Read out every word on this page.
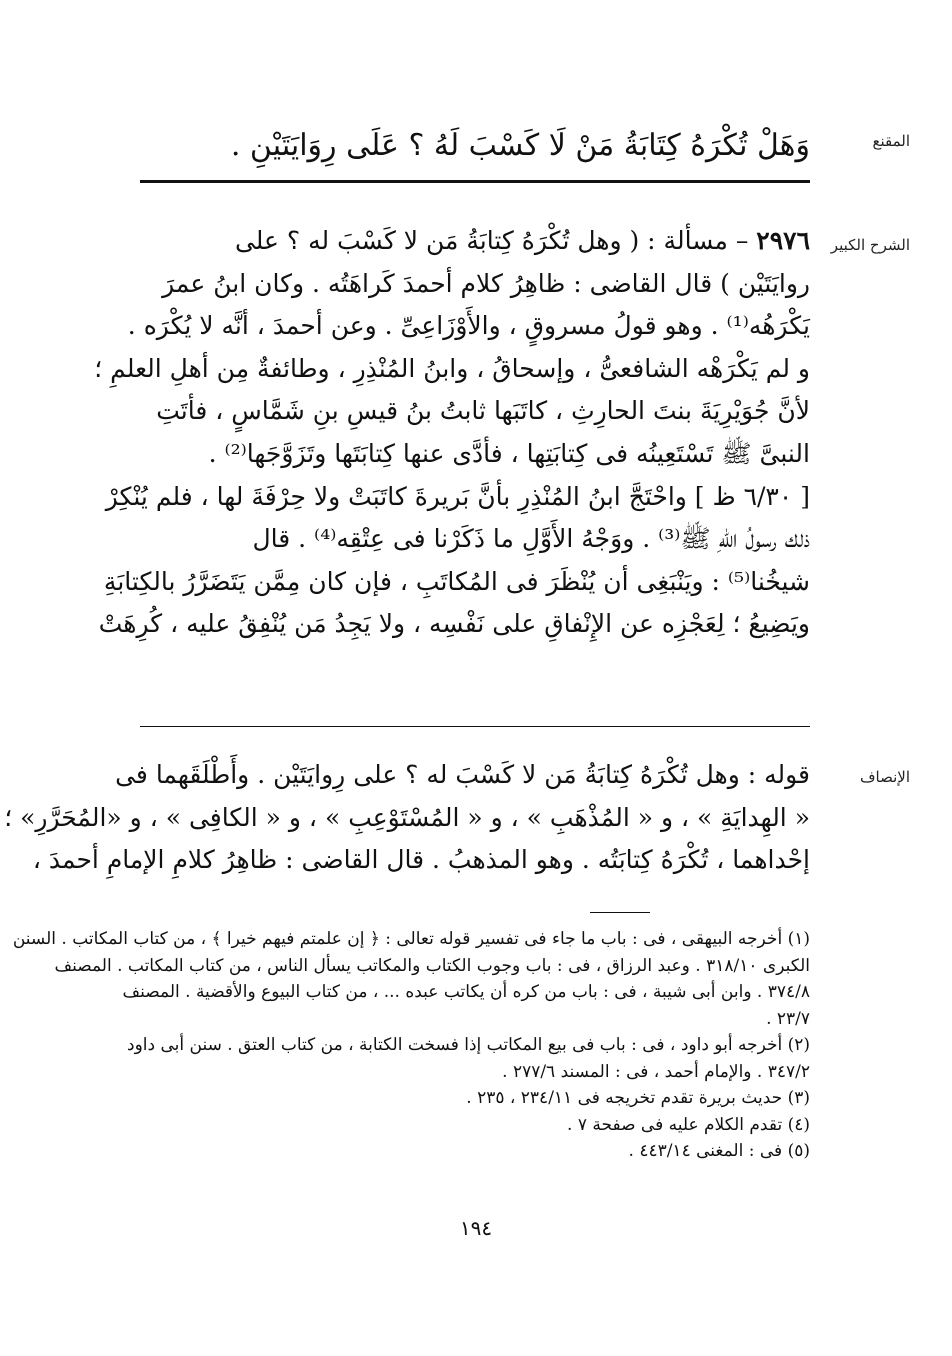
المقنع
وَهَلْ تُكْرَهُ كِتَابَةُ مَنْ لَا كَسْبَ لَهُ ؟ عَلَى رِوَايَتَيْنِ .
الشرح الكبير
٢٩٧٦ – مسألة : ( وهل تُكْرَهُ كِتابَةُ مَن لا كَسْبَ له ؟ على
روايَتَيْن ) قال القاضى : ظاهِرُ كلام أحمدَ كَراهَتُه . وكان ابنُ عمرَ
يَكْرَهُه⁽¹⁾ . وهو قولُ مسروقٍ ، والأَوْزَاعِىِّ . وعن أحمدَ ، أنَّه لا يُكْرَه .
و لم يَكْرَهْه الشافعىُّ ، وإسحاقُ ، وابنُ المُنْذِرِ ، وطائفةٌ مِن أهلِ العلمِ ؛
لأنَّ جُوَيْرِيَةَ بنتَ الحارِثِ ، كاتَبَها ثابتُ بنُ قيسِ بنِ شَمَّاسٍ ، فأتَتِ
النبىَّ ﷺ تَسْتَعِينُه فى كِتابَتِها ، فأدَّى عنها كِتابَتَها وتَزَوَّجَها⁽²⁾ .
[ ٦/٣٠ ظ ] واحْتَجَّ ابنُ المُنْذِرِ بأنَّ بَريرةَ كاتَبَتْ ولا حِرْفَةَ لها ، فلم يُنْكِرْ
ذلك رسولُ اللهِ ﷺ⁽³⁾ . ووَجْهُ الأَوَّلِ ما ذَكَرْنا فى عِتْقِه⁽⁴⁾ . قال
شيخُنا⁽⁵⁾ : ويَنْبَغِى أن يُنْظَرَ فى المُكاتَبِ ، فإن كان مِمَّن يَتَضَرَّرُ بالكِتابَةِ
ويَضِيعُ ؛ لِعَجْزِه عن الإِنْفاقِ على نَفْسِه ، ولا يَجِدُ مَن يُنْفِقُ عليه ، كُرِهَتْ
الإنصاف
قوله : وهل تُكْرَهُ كِتابَةُ مَن لا كَسْبَ له ؟ على رِوايَتَيْن . وأَطْلَقَهما فى
« الهِدايَةِ » ، و « المُذْهَبِ » ، و « المُسْتَوْعِبِ » ، و « الكافِى » ، و «المُحَرَّرِ» ؛
إحْداهما ، تُكْرَهُ كِتابَتُه . وهو المذهبُ . قال القاضى : ظاهِرُ كلامِ الإمامِ أحمدَ ،
(١) أخرجه البيهقى ، فى : باب ما جاء فى تفسير قوله تعالى : ﴿ إن علمتم فيهم خيرا ﴾ ، من كتاب المكاتب . السنن
الكبرى ٣١٨/١٠ . وعبد الرزاق ، فى : باب وجوب الكتاب والمكاتب يسأل الناس ، من كتاب المكاتب . المصنف
٣٧٤/٨ . وابن أبى شيبة ، فى : باب من كره أن يكاتب عبده ... ، من كتاب البيوع والأقضية . المصنف
٢٣/٧ .
(٢) أخرجه أبو داود ، فى : باب فى بيع المكاتب إذا فسخت الكتابة ، من كتاب العتق . سنن أبى داود
٣٤٧/٢ . والإمام أحمد ، فى : المسند ٢٧٧/٦ .
(٣) حديث بريرة تقدم تخريجه فى ٢٣٤/١١ ، ٢٣٥ .
(٤) تقدم الكلام عليه فى صفحة ٧ .
(٥) فى : المغنى ٤٤٣/١٤ .
١٩٤
